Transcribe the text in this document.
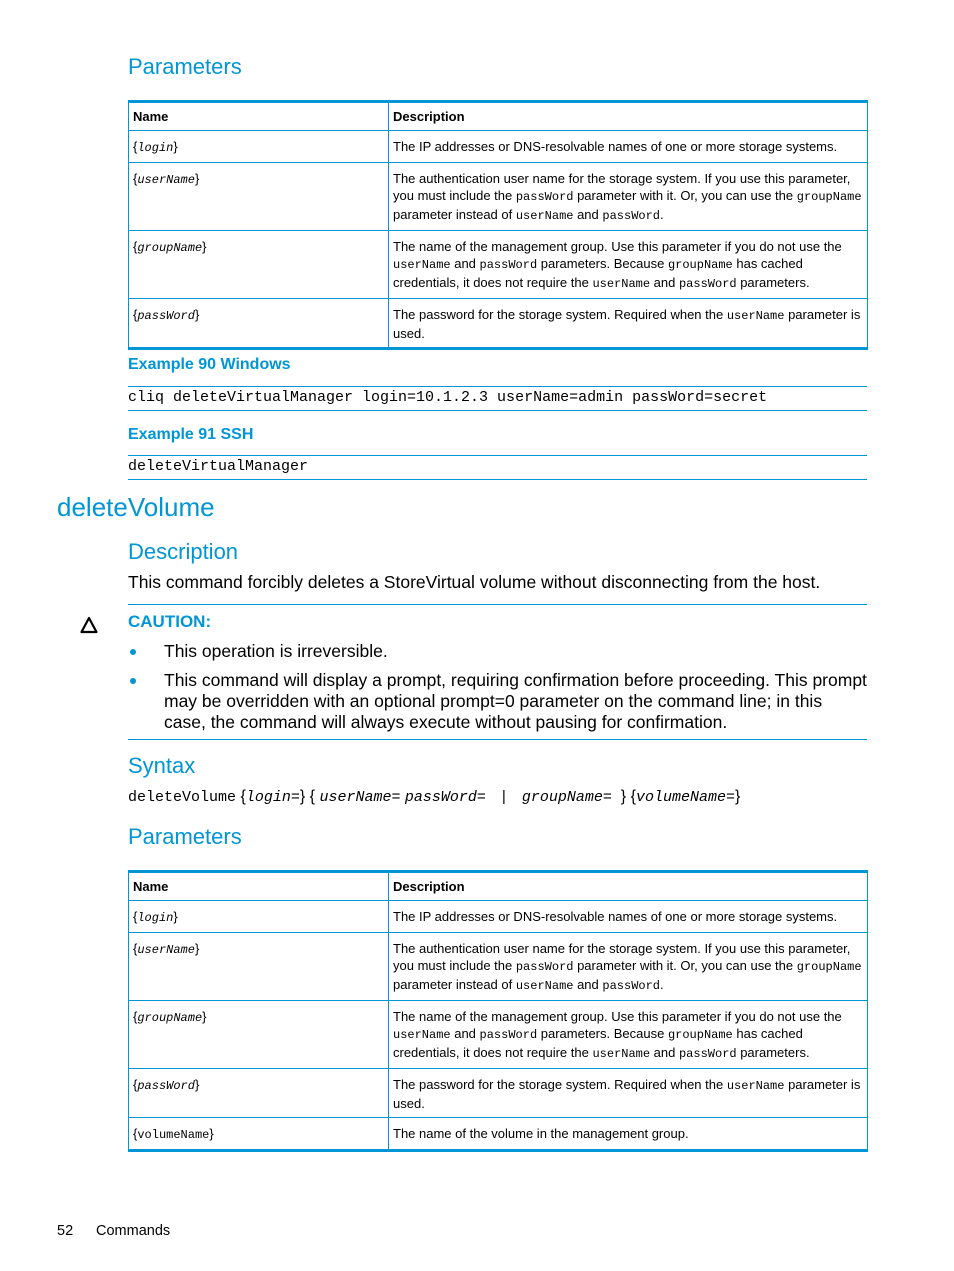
Parameters
Name	Description
{login}	The IP addresses or DNS-resolvable names of one or more storage systems.
{userName}	The authentication user name for the storage system. If you use this parameter, you must include the passWord parameter with it. Or, you can use the groupName parameter instead of userName and passWord.
{groupName}	The name of the management group. Use this parameter if you do not use the userName and passWord parameters. Because groupName has cached credentials, it does not require the userName and passWord parameters.
{passWord}	The password for the storage system. Required when the userName parameter is used.
Example 90 Windows
cliq deleteVirtualManager login=10.1.2.3 userName=admin passWord=secret
Example 91 SSH
deleteVirtualManager
deleteVolume
Description
This command forcibly deletes a StoreVirtual volume without disconnecting from the host.
CAUTION:
This operation is irreversible.
This command will display a prompt, requiring confirmation before proceeding. This prompt may be overridden with an optional prompt=0 parameter on the command line; in this case, the command will always execute without pausing for confirmation.
Syntax
deleteVolume {login=} { userName= passWord= | groupName=  } {volumeName=}
Parameters
Name	Description
{login}	The IP addresses or DNS-resolvable names of one or more storage systems.
{userName}	The authentication user name for the storage system. If you use this parameter, you must include the passWord parameter with it. Or, you can use the groupName parameter instead of userName and passWord.
{groupName}	The name of the management group. Use this parameter if you do not use the userName and passWord parameters. Because groupName has cached credentials, it does not require the userName and passWord parameters.
{passWord}	The password for the storage system. Required when the userName parameter is used.
{volumeName}	The name of the volume in the management group.
52 Commands
